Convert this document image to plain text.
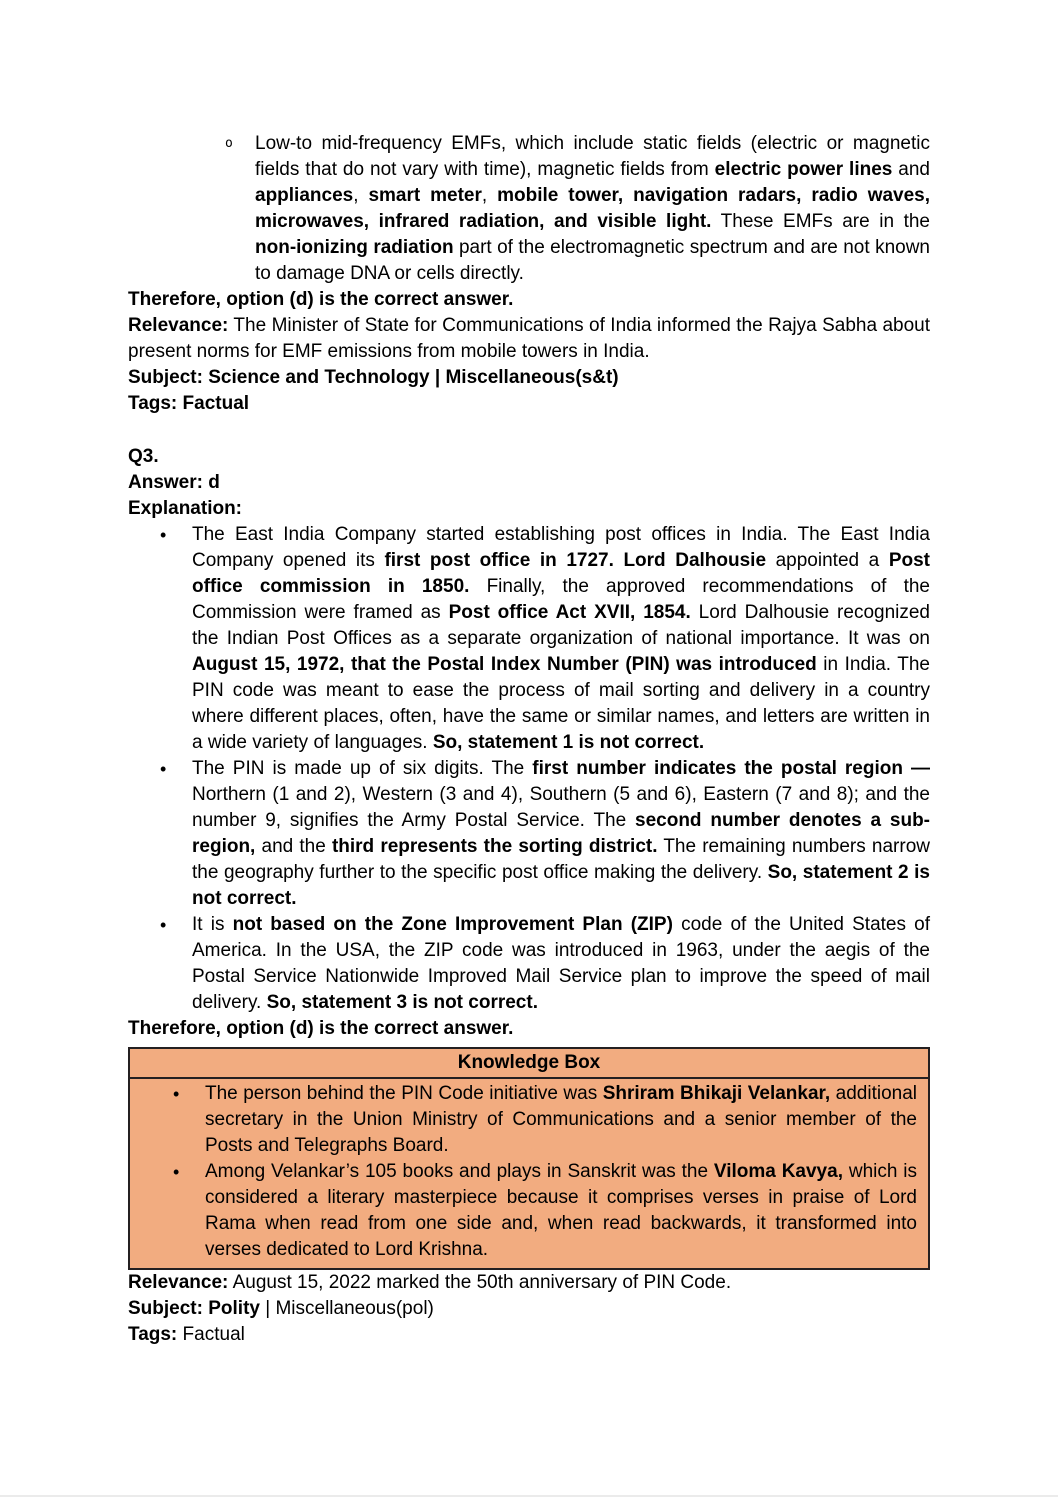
o	Low-to mid-frequency EMFs, which include static fields (electric or magnetic fields that do not vary with time), magnetic fields from electric power lines and appliances, smart meter, mobile tower, navigation radars, radio waves, microwaves, infrared radiation, and visible light. These EMFs are in the non-ionizing radiation part of the electromagnetic spectrum and are not known to damage DNA or cells directly.
Therefore, option (d) is the correct answer.
Relevance: The Minister of State for Communications of India informed the Rajya Sabha about present norms for EMF emissions from mobile towers in India.
Subject: Science and Technology | Miscellaneous(s&t)
Tags: Factual
Q3.
Answer: d
Explanation:
•	The East India Company started establishing post offices in India. The East India Company opened its first post office in 1727. Lord Dalhousie appointed a Post office commission in 1850. Finally, the approved recommendations of the Commission were framed as Post office Act XVII, 1854. Lord Dalhousie recognized the Indian Post Offices as a separate organization of national importance. It was on August 15, 1972, that the Postal Index Number (PIN) was introduced in India. The PIN code was meant to ease the process of mail sorting and delivery in a country where different places, often, have the same or similar names, and letters are written in a wide variety of languages. So, statement 1 is not correct.
•	The PIN is made up of six digits. The first number indicates the postal region — Northern (1 and 2), Western (3 and 4), Southern (5 and 6), Eastern (7 and 8); and the number 9, signifies the Army Postal Service. The second number denotes a sub-region, and the third represents the sorting district. The remaining numbers narrow the geography further to the specific post office making the delivery. So, statement 2 is not correct.
•	It is not based on the Zone Improvement Plan (ZIP) code of the United States of America. In the USA, the ZIP code was introduced in 1963, under the aegis of the Postal Service Nationwide Improved Mail Service plan to improve the speed of mail delivery. So, statement 3 is not correct.
Therefore, option (d) is the correct answer.
Knowledge Box
•	The person behind the PIN Code initiative was Shriram Bhikaji Velankar, additional secretary in the Union Ministry of Communications and a senior member of the Posts and Telegraphs Board.
•	Among Velankar’s 105 books and plays in Sanskrit was the Viloma Kavya, which is considered a literary masterpiece because it comprises verses in praise of Lord Rama when read from one side and, when read backwards, it transformed into verses dedicated to Lord Krishna.
Relevance: August 15, 2022 marked the 50th anniversary of PIN Code.
Subject: Polity | Miscellaneous(pol)
Tags: Factual
